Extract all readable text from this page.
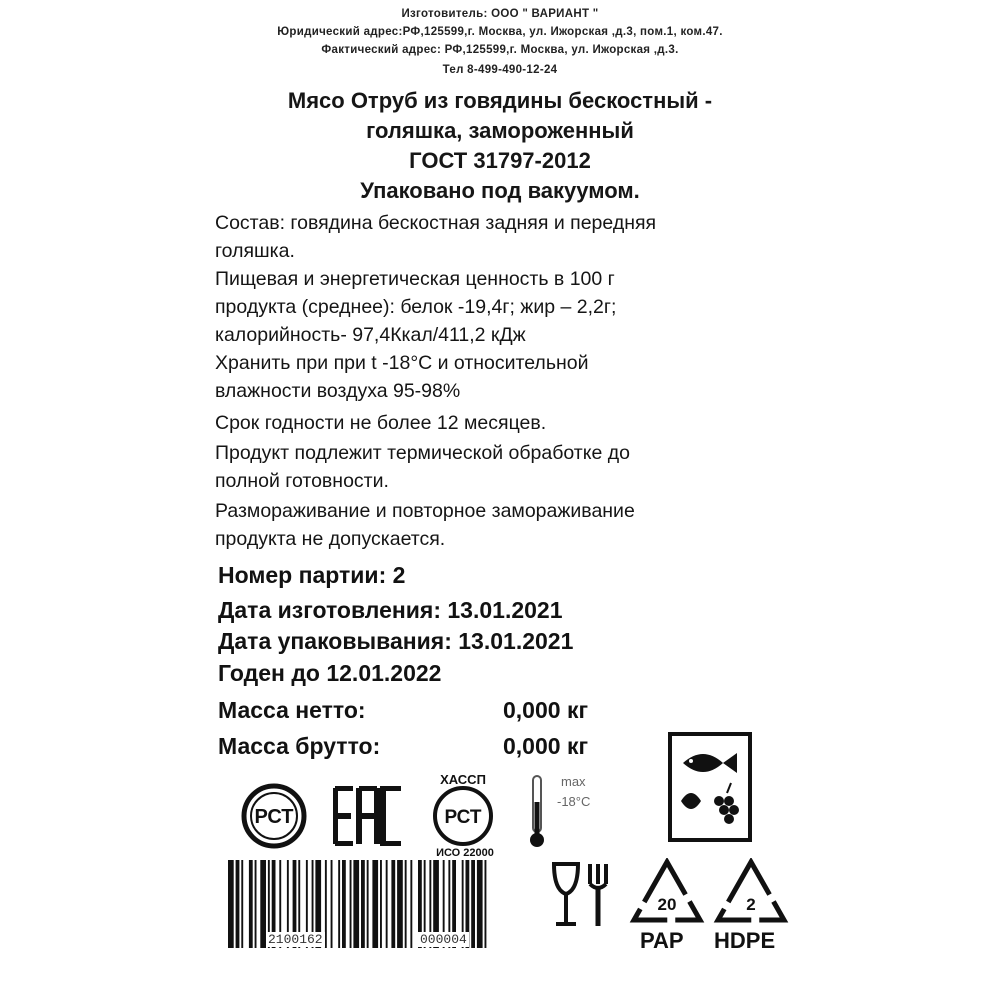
Изготовитель: ООО " ВАРИАНТ "
Юридический адрес:РФ,125599,г. Москва, ул. Ижорская ,д.3, пом.1, ком.47.
Фактический адрес: РФ,125599,г. Москва, ул. Ижорская ,д.3.
Тел 8-499-490-12-24
Мясо Отруб из говядины бескостный -
голяшка, замороженный
ГОСТ 31797-2012
Упаковано под вакуумом.
Состав: говядина бескостная задняя и передняя
голяшка.
Пищевая и энергетическая ценность в 100 г
продукта (среднее): белок -19,4г; жир – 2,2г;
калорийность- 97,4Ккал/411,2 кДж
Хранить при при t -18°С и относительной
влажности воздуха 95-98%
Срок годности не более 12 месяцев.
Продукт подлежит термической обработке до
полной готовности.
Размораживание и повторное замораживание
продукта не допускается.
Номер партии: 2
Дата изготовления: 13.01.2021
Дата упаковывания: 13.01.2021
Годен до 12.01.2022
Масса нетто:	0,000 кг
Масса брутто:	0,000 кг
РСТ
ХАССП
РСТ
ИСО 22000
max
-18°С
2100162	000004
20
PAP
2
HDPE
